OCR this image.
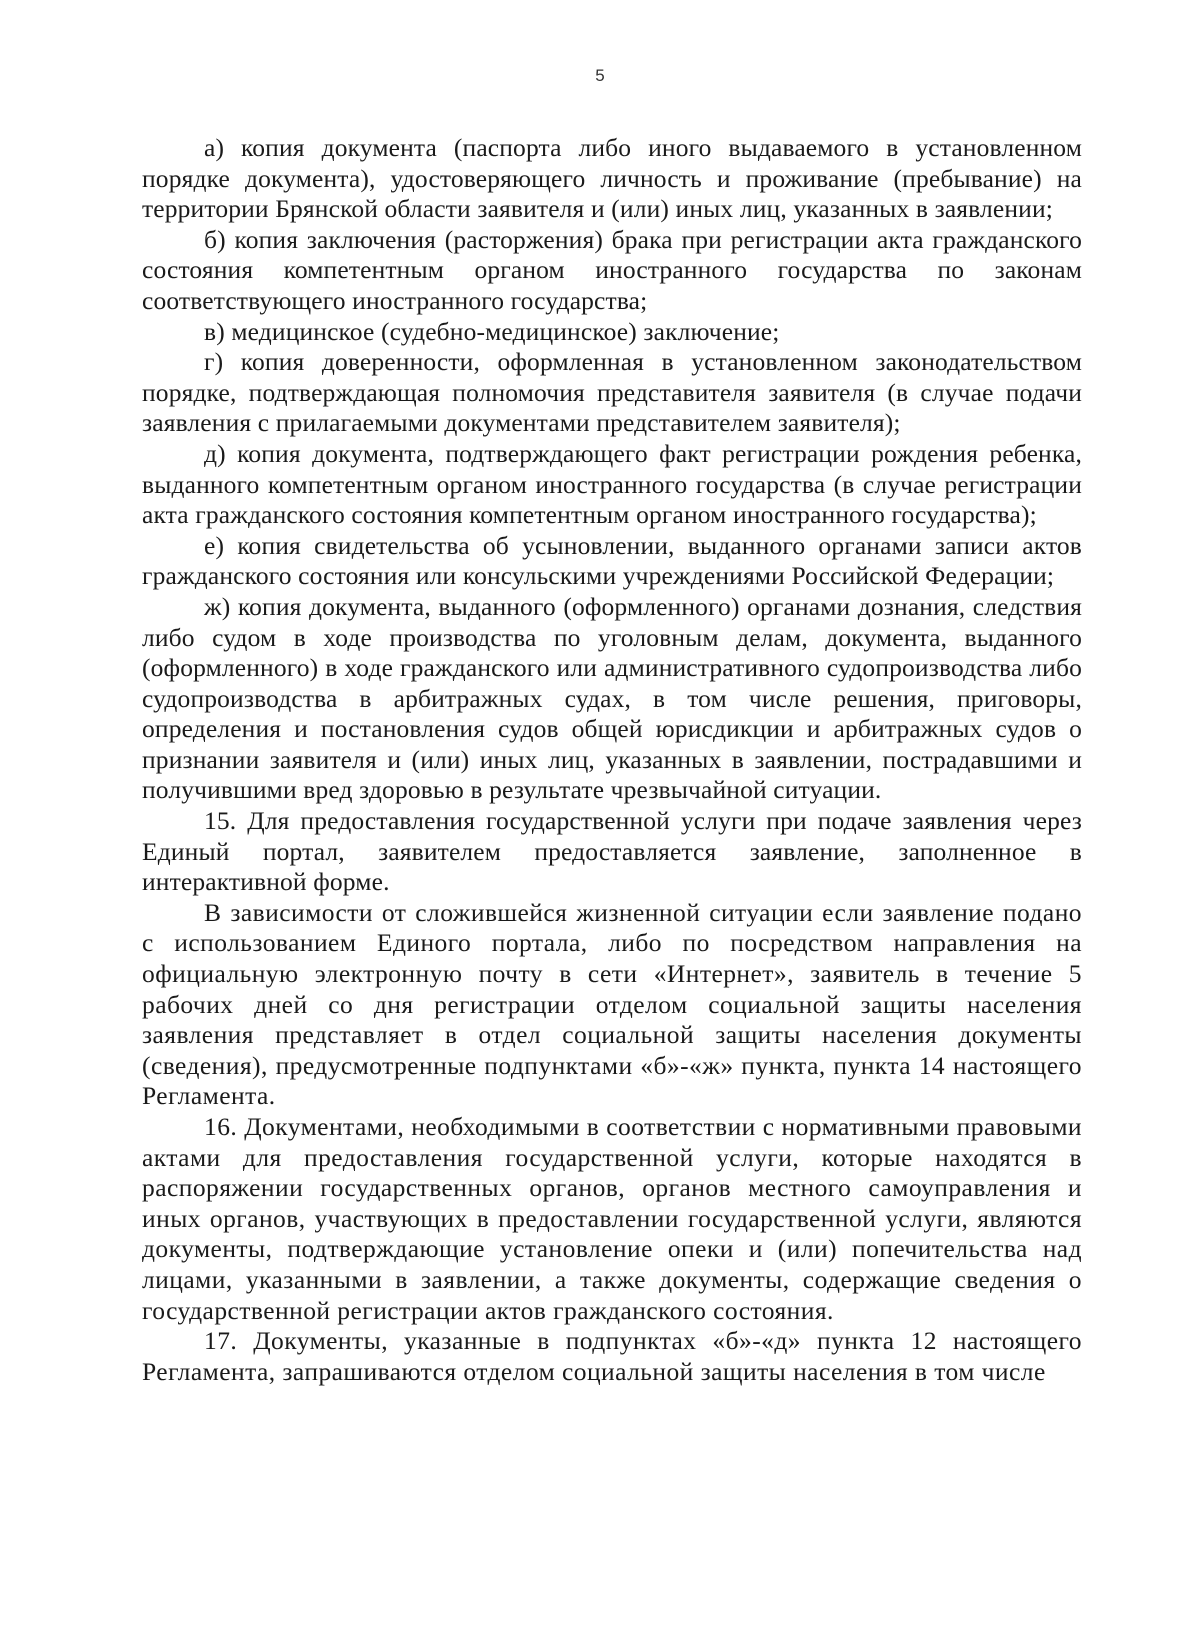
5

а) копия документа (паспорта либо иного выдаваемого в установленном порядке документа), удостоверяющего личность и проживание (пребывание) на территории Брянской области заявителя и (или) иных лиц, указанных в заявлении;

б) копия заключения (расторжения) брака при регистрации акта гражданского состояния компетентным органом иностранного государства по законам соответствующего иностранного государства;

в) медицинское (судебно-медицинское) заключение;

г) копия доверенности, оформленная в установленном законодательством порядке, подтверждающая полномочия представителя заявителя (в случае подачи заявления с прилагаемыми документами представителем заявителя);

д) копия документа, подтверждающего факт регистрации рождения ребенка, выданного компетентным органом иностранного государства (в случае регистрации акта гражданского состояния компетентным органом иностранного государства);

е) копия свидетельства об усыновлении, выданного органами записи актов гражданского состояния или консульскими учреждениями Российской Федерации;

ж) копия документа, выданного (оформленного) органами дознания, следствия либо судом в ходе производства по уголовным делам, документа, выданного (оформленного) в ходе гражданского или административного судопроизводства либо судопроизводства в арбитражных судах, в том числе решения, приговоры, определения и постановления судов общей юрисдикции и арбитражных судов о признании заявителя и (или) иных лиц, указанных в заявлении, пострадавшими и получившими вред здоровью в результате чрезвычайной ситуации.

15. Для предоставления государственной услуги при подаче заявления через Единый портал, заявителем предоставляется заявление, заполненное в интерактивной форме.

В зависимости от сложившейся жизненной ситуации если заявление подано с использованием Единого портала, либо по посредством направления на официальную электронную почту в сети «Интернет», заявитель в течение 5 рабочих дней со дня регистрации отделом социальной защиты населения заявления представляет в отдел социальной защиты населения документы (сведения), предусмотренные подпунктами «б»-«ж» пункта, пункта 14 настоящего Регламента.

16. Документами, необходимыми в соответствии с нормативными правовыми актами для предоставления государственной услуги, которые находятся в распоряжении государственных органов, органов местного самоуправления и иных органов, участвующих в предоставлении государственной услуги, являются документы, подтверждающие установление опеки и (или) попечительства над лицами, указанными в заявлении, а также документы, содержащие сведения о государственной регистрации актов гражданского состояния.

17. Документы, указанные в подпунктах «б»-«д» пункта 12 настоящего Регламента, запрашиваются отделом социальной защиты населения в том числе
